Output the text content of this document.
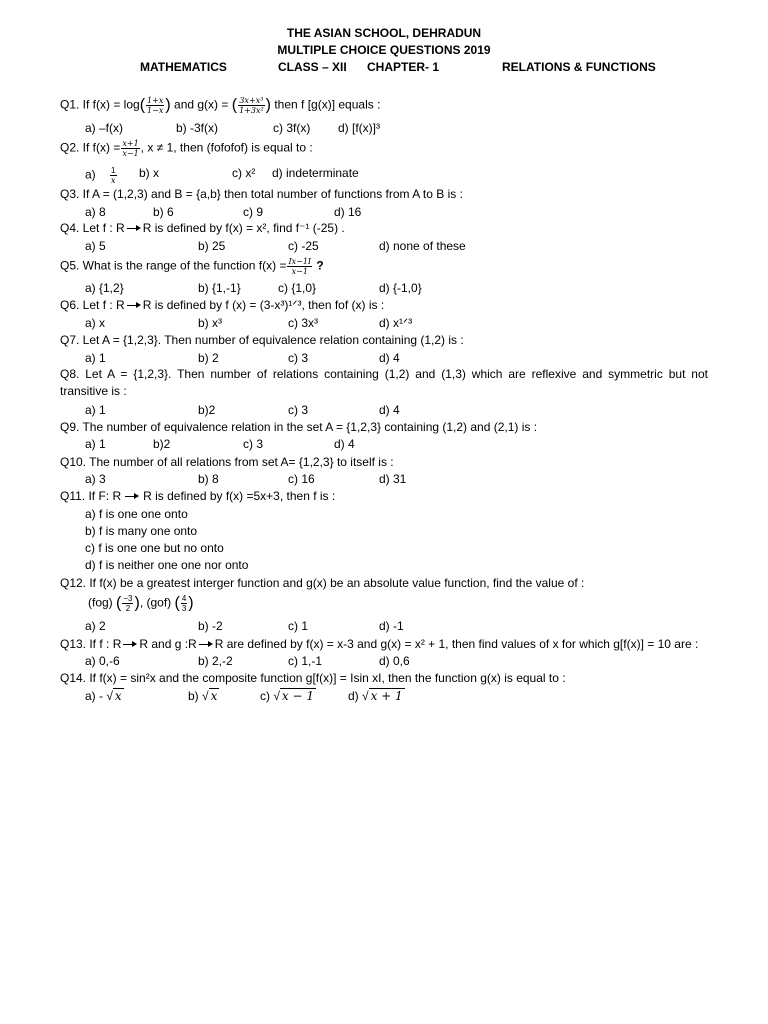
THE ASIAN SCHOOL, DEHRADUN
MULTIPLE CHOICE QUESTIONS 2019
MATHEMATICS	CLASS – XII CHAPTER- 1	RELATIONS & FUNCTIONS
Q1. If $f(x) = \log( \frac{1+x}{1-x}$ ) and g(x) = ( $\frac{\text{3x+x³}}{\text{1+3x²}}$ ) then f [g(x)] equals :
a) –f(x)	b) -3f(x)	c) 3f(x) d) [f(x)]³
Q2. If $f(x) = \frac{x+1}{x-1}$ , x ≠ 1, then (fofofof) is equal to :
$a) \frac{1}{x} b$) x	c) x² d) indeterminate
Q3. If A = (1,2,3) and B = {a,b} then total number of functions from A to B is :
a) 8	b) 6	c) 9	d) 16
Q4. Let f : R R is defined by f(x) = x², find f⁻¹ (-25) .
a) 5	b) 25	c) -25	d) none of these
Q5. What is the range of the function $f(x) = \frac{Ix-1I}{x-1}$ ?
a) {1,2}	b) {1,-1}	c) {1,0}	d) {-1,0}
Q6. Let f : R R is defined by f (x) = (3-x³)¹ᐟ³, then fof (x) is :
a) x	b) x³	c) 3x³	d) x¹ᐟ³
Q7. Let A = {1,2,3}. Then number of equivalence relation containing (1,2) is :
a) 1	b) 2	c) 3	d) 4
Q8. Let A = {1,2,3}. Then number of relations containing (1,2) and (1,3) which are reflexive and symmetric but not transitive is :
a) 1	b)2	c) 3	d) 4
Q9. The number of equivalence relation in the set A = {1,2,3} containing (1,2) and (2,1) is :
a) 1	b)2	c) 3	d) 4
Q10. The number of all relations from set A= {1,2,3} to itself is :
a) 3	b) 8	c) 16	d) 31
Q11. If F: R R is defined by f(x) =5x+3, then f is :
a) f is one one onto
b) f is many one onto
c) f is one one but no onto
d) f is neither one one nor onto
Q12. If f(x) be a greatest interger function and g(x) be an absolute value function, find the value of :
(fog) ( $\frac{-3}{2}$ ), (gof) ( $\frac{4}{3}$ )
a) 2	b) -2	c) 1	d) -1
Q13. If f : R R and g :R R are defined by f(x) = x-3 and g(x) = x² + 1, then find values of x for which g[f(x)] = 10 are :
a) 0,-6	b) 2,-2	c) 1,-1	d) 0,6
Q14. If f(x) = sin²x and the composite function g[f(x)] = Isin xI, then the function g(x) is equal to :
a) - √ x	b) √ x	c) √ x − 1	d) √ x + 1
